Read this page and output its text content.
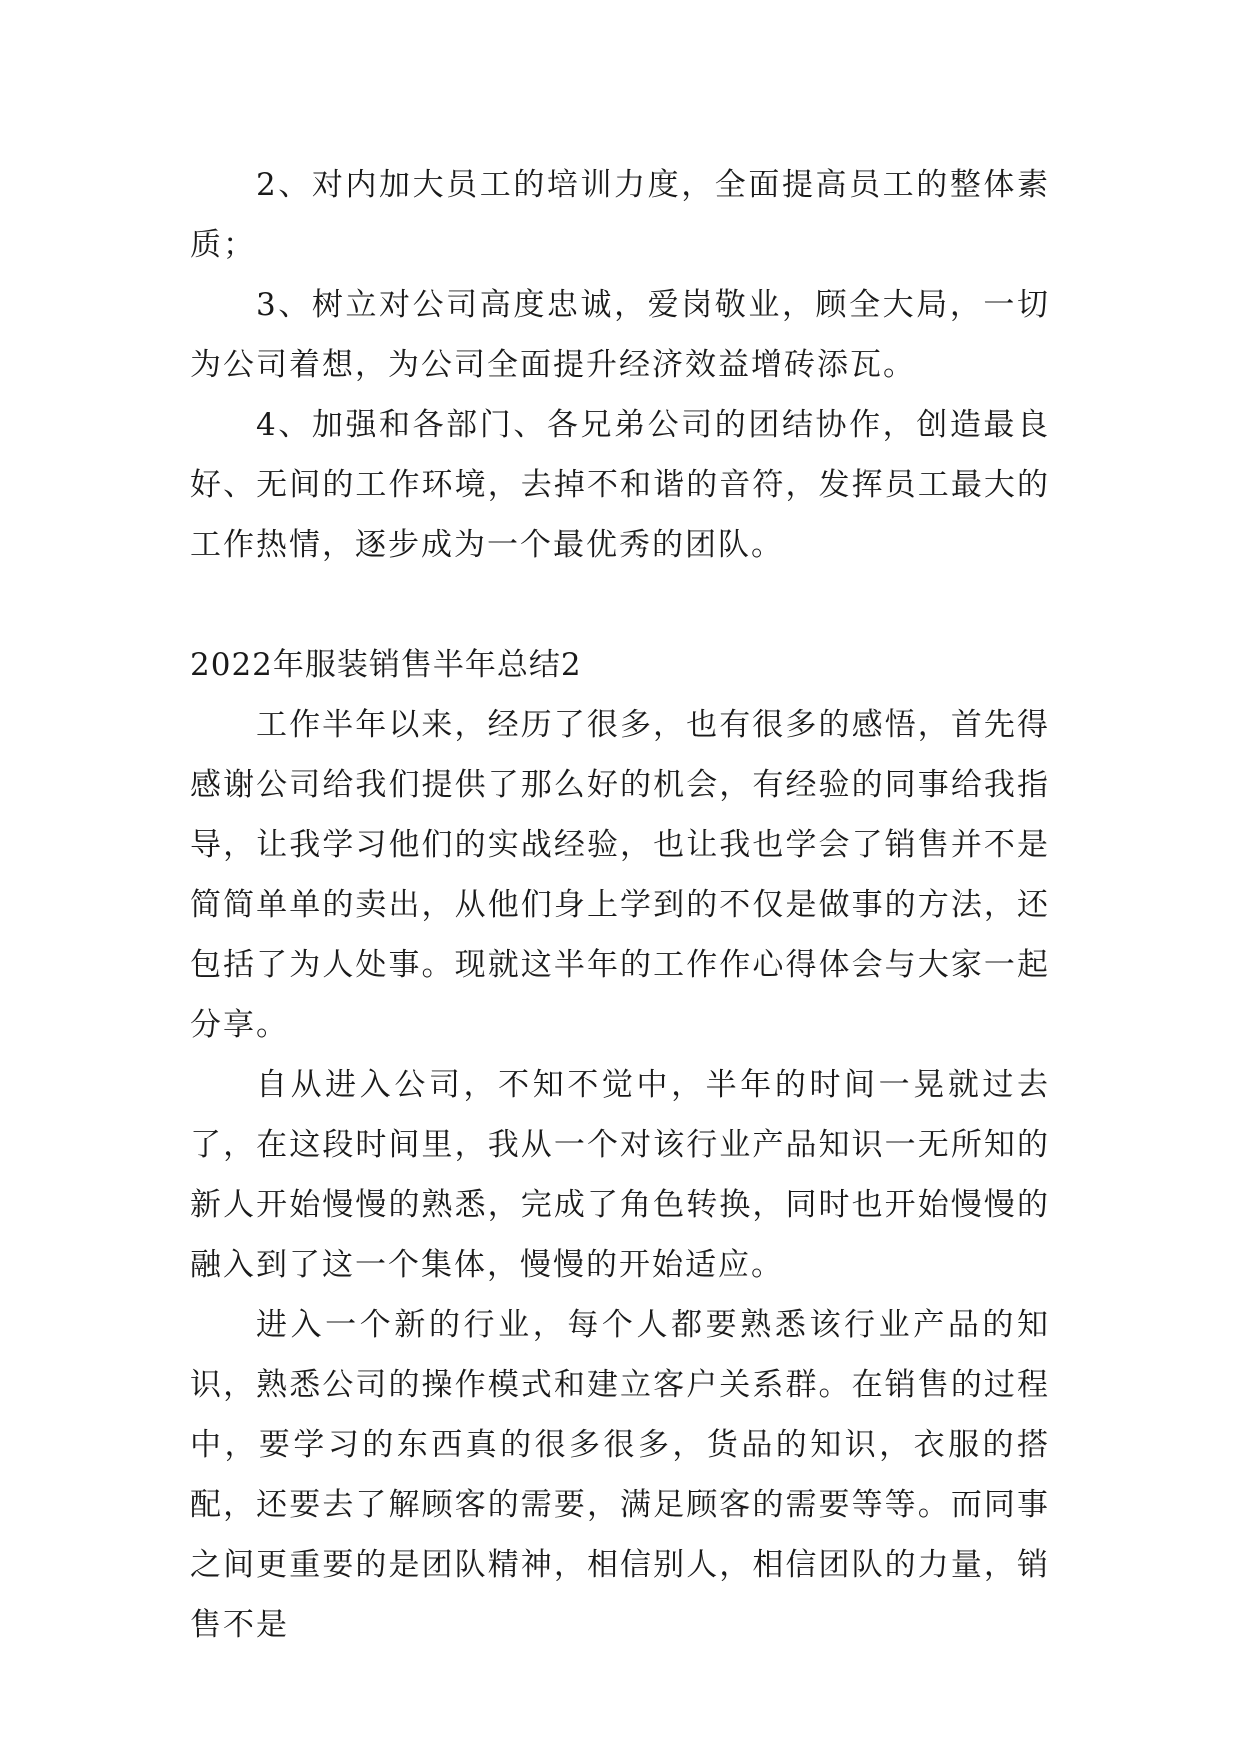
2、对内加大员工的培训力度，全面提高员工的整体素质；

3、树立对公司高度忠诚，爱岗敬业，顾全大局，一切为公司着想，为公司全面提升经济效益增砖添瓦。

4、加强和各部门、各兄弟公司的团结协作，创造最良好、无间的工作环境，去掉不和谐的音符，发挥员工最大的工作热情，逐步成为一个最优秀的团队。

2022年服装销售半年总结2

工作半年以来，经历了很多，也有很多的感悟，首先得感谢公司给我们提供了那么好的机会，有经验的同事给我指导，让我学习他们的实战经验，也让我也学会了销售并不是简简单单的卖出，从他们身上学到的不仅是做事的方法，还包括了为人处事。现就这半年的工作作心得体会与大家一起分享。

自从进入公司，不知不觉中，半年的时间一晃就过去了，在这段时间里，我从一个对该行业产品知识一无所知的新人开始慢慢的熟悉，完成了角色转换，同时也开始慢慢的融入到了这一个集体，慢慢的开始适应。

进入一个新的行业，每个人都要熟悉该行业产品的知识，熟悉公司的操作模式和建立客户关系群。在销售的过程中，要学习的东西真的很多很多，货品的知识，衣服的搭配，还要去了解顾客的需要，满足顾客的需要等等。而同事之间更重要的是团队精神，相信别人，相信团队的力量，销售不是
